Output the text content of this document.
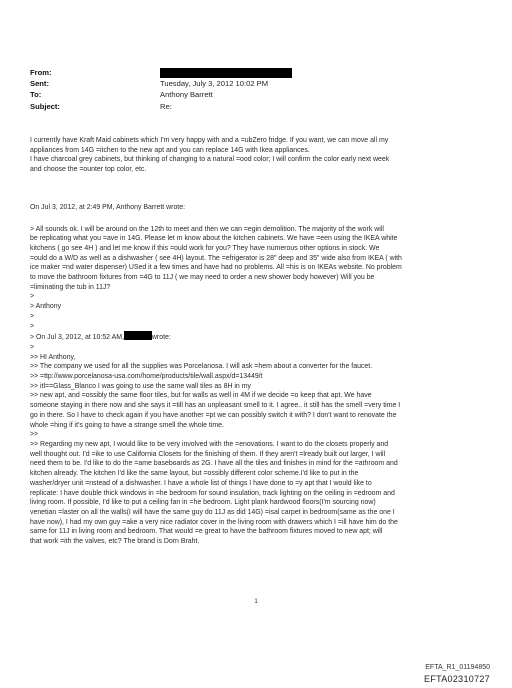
From:
Sent:	Tuesday, July 3, 2012 10:02 PM
To:	Anthony Barrett
Subject:	Re:

I currently have Kraft Maid cabinets which I'm very happy with and a =ubZero fridge. If you want, we can move all my

appliances from 14G =itchen to the new apt and you can replace 14G with Ikea appliances.

I have charcoal grey cabinets, but thinking of changing to a natural =ood color; I will confirm the color early next week

and choose the =ounter top color, etc.

On Jul 3, 2012, at 2:49 PM, Anthony Barrett wrote:

> All sounds ok. I will be around on the 12th to meet and then we can =egin demolition. The majority of the work will

be replicating what you =ave in 14G. Please let m know about the kitchen cabinets. We have =een using the IKEA white

kitchens ( go see 4H ) and let me know if this =ould work for you? They have numerous other options in stock. We

=ould do a W/D as well as a dishwasher ( see 4H) layout. The =efrigerator is 28" deep and 35" wide also from IKEA ( with

ice maker =nd water dispenser) USed it a few times and have had no problems. All =his is on IKEAs website. No problem

to move the bathroom fixtures from =4G to 11J ( we may need to order a new shower body however) Will you be

=liminating the tub in 11J?

>

> Anthony

>

>

> On Jul 3, 2012, at 10:52 AM,	wrote:

>

>> HI Anthony,

>> The company we used for all the supplies was Porcelanosa. I will ask =hem about a converter for the faucet.

>> =ttp://www.porcelanosa-usa.com/home/products/tile/wall.aspx/d=13449/t

>> itl==Glass_Blanco I was going to use the same wall tiles as 8H in my

>> new apt, and =ossibly the same floor tiles, but for walls as well in 4M if we decide =o keep that apt. We have

someone staying in there now and she says it =till has an unpleasant smell to it. I agree.. it still has the smell =very time I

go in there. So I have to check again if you have another =pt we can possibly switch it with? I don't want to renovate the

whole =hing if it's going to have a strange smell the whole time.

>>

>> Regarding my new apt, I would like to be very involved with the =enovations. I want to do the closets properly and

well thought out. I'd =ike to use California Closets for the finishing of them. If they aren't =lready built out larger, I will

need them to be. I'd like to do the =ame baseboards as 2G. I have all the tiles and finishes in mind for the =athroom and

kitchen already. The kitchen I'd like the same layout, but =ossibly different color scheme.I'd like to put in the

washer/dryer unit =nstead of a dishwasher. I have a whole list of things I have done to =y apt that I would like to

replicate: I have double thick windows in =he bedroom for sound insulation, track lighting on the ceiling in =edroom and

living room. If possible, I'd like to put a ceiling fan in =he bedroom. Light plank hardwood floors(I'm sourcing now)

venetian =laster on all the walls(I will have the same guy do 11J as did 14G) =isal carpet in bedroom(same as the one I

have now), I had my own guy =ake a very nice radiator cover in the living room with drawers which I =ill have him do the

same for 11J in living room and bedroom. That would =e great to have the bathroom fixtures moved to new apt; will

that work =ith the valves, etc? The brand is Dorn Braht.

1
EFTA_R1_01194850
EFTA02310727
